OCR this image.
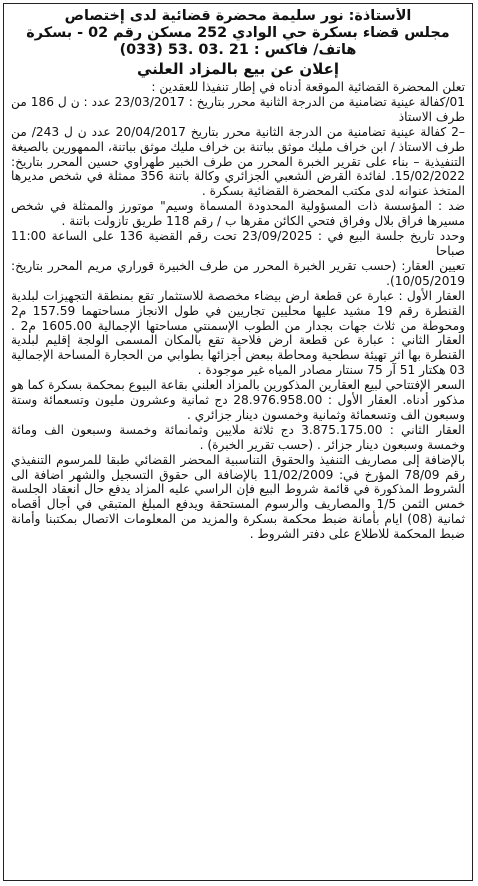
الأستاذة: نور سليمة محضرة قضائية لدى إختصاص
مجلس قضاء بسكرة حي الوادي 252 مسكن رقم 02 - بسكرة
هاتف/ فاكس : 21 .03 .53 (033)
إعلان عن بيع بالمزاد العلني

تعلن المحضرة القضائية الموقعة أدناه في إطار تنفيذا للعقدين :

01/كفالة عينية تضامنية من الدرجة الثانية محرر بتاريخ : 23/03/2017 عدد : ن ل 186 من طرف الاستاذ

–2 كفالة عينية تضامنية من الدرجة الثانية محرر بتاريخ 20/04/2017 عدد ن ل 243/ من طرف الاستاذ / ابن خراف مليك موثق بباتنة بن خراف مليك موثق بباتنة، الممهورين بالصيغة التنفيذية – بناء على تقرير الخبرة المحرر من طرف الخبير طهراوي حسين المحرر بتاريخ: 15/02/2022. لفائدة القرض الشعبي الجزائري وكالة باتنة 356 ممثلة في شخص مديرها المتخذ عنوانه لدى مكتب المحضرة القضائية بسكرة .

ضد : المؤسسة ذات المسؤولية المحدودة المسماة وسيم" موتورز والممثلة في شخص مسيرها فراق بلال وفراق فتحي الكائن مقرها ب / رقم 118 طريق تازولت باتنة .

وحدد تاريخ جلسة البيع في : 23/09/2025 تحت رقم القضية 136 على الساعة 11:00 صباحا

تعيين العقار: (حسب تقرير الخبرة المحرر من طرف الخبيرة قوراري مريم المحرر بتاريخ: 10/05/2019).

العقار الأول : عبارة عن قطعة ارض بيضاء مخصصة للاستثمار تقع بمنطقة التجهيزات لبلدية القنطرة رقم 19 مشيد عليها محليين تجاريين في طول الانجاز مساحتهما 157.59 م2 ومحوطة من ثلاث جهات بجدار من الطوب الإسمنتي مساحتها الإجمالية 1605.00 م2 . العقار الثاني : عبارة عن قطعة ارض فلاحية تقع بالمكان المسمى الولجة إقليم لبلدية القنطرة بها اثر تهيئة سطحية ومحاطة ببعض أجزائها بطوابي من الحجارة المساحة الإجمالية 03 هكتار 51 آر 75 سنتار مصادر المياه غير موجودة .

السعر الإفتتاحي لبيع العقارين المذكورين بالمزاد العلني بقاعة البيوع بمحكمة بسكرة كما هو مذكور أدناه. العقار الأول : 28.976.958.00 دج ثمانية وعشرون مليون وتسعمائة وستة وسبعون الف وتسعمائة وثمانية وخمسون دينار جزائري .

العقار الثاني : 3.875.175.00 دج ثلاثة ملايين وثمانمائة وخمسة وسبعون الف ومائة وخمسة وسبعون دينار جزائر . (حسب تقرير الخبرة) .

بالإضافة إلى مصاريف التنفيذ والحقوق التناسبية المحضر القضائي طبقا للمرسوم التنفيذي رقم 78/09 المؤرخ في: 11/02/2009 بالإضافة الى حقوق التسجيل والشهر اضافة الى الشروط المذكورة في قائمة شروط البيع فإن الراسي عليه المزاد يدفع حال انعقاد الجلسة خمس الثمن 1/5 والمصاريف والرسوم المستحقة ويدفع المبلغ المتبقي في أجال أقصاه ثمانية (08) ايام بأمانة ضبط محكمة بسكرة والمزيد من المعلومات الاتصال بمكتبنا وأمانة ضبط المحكمة للاطلاع على دفتر الشروط .
